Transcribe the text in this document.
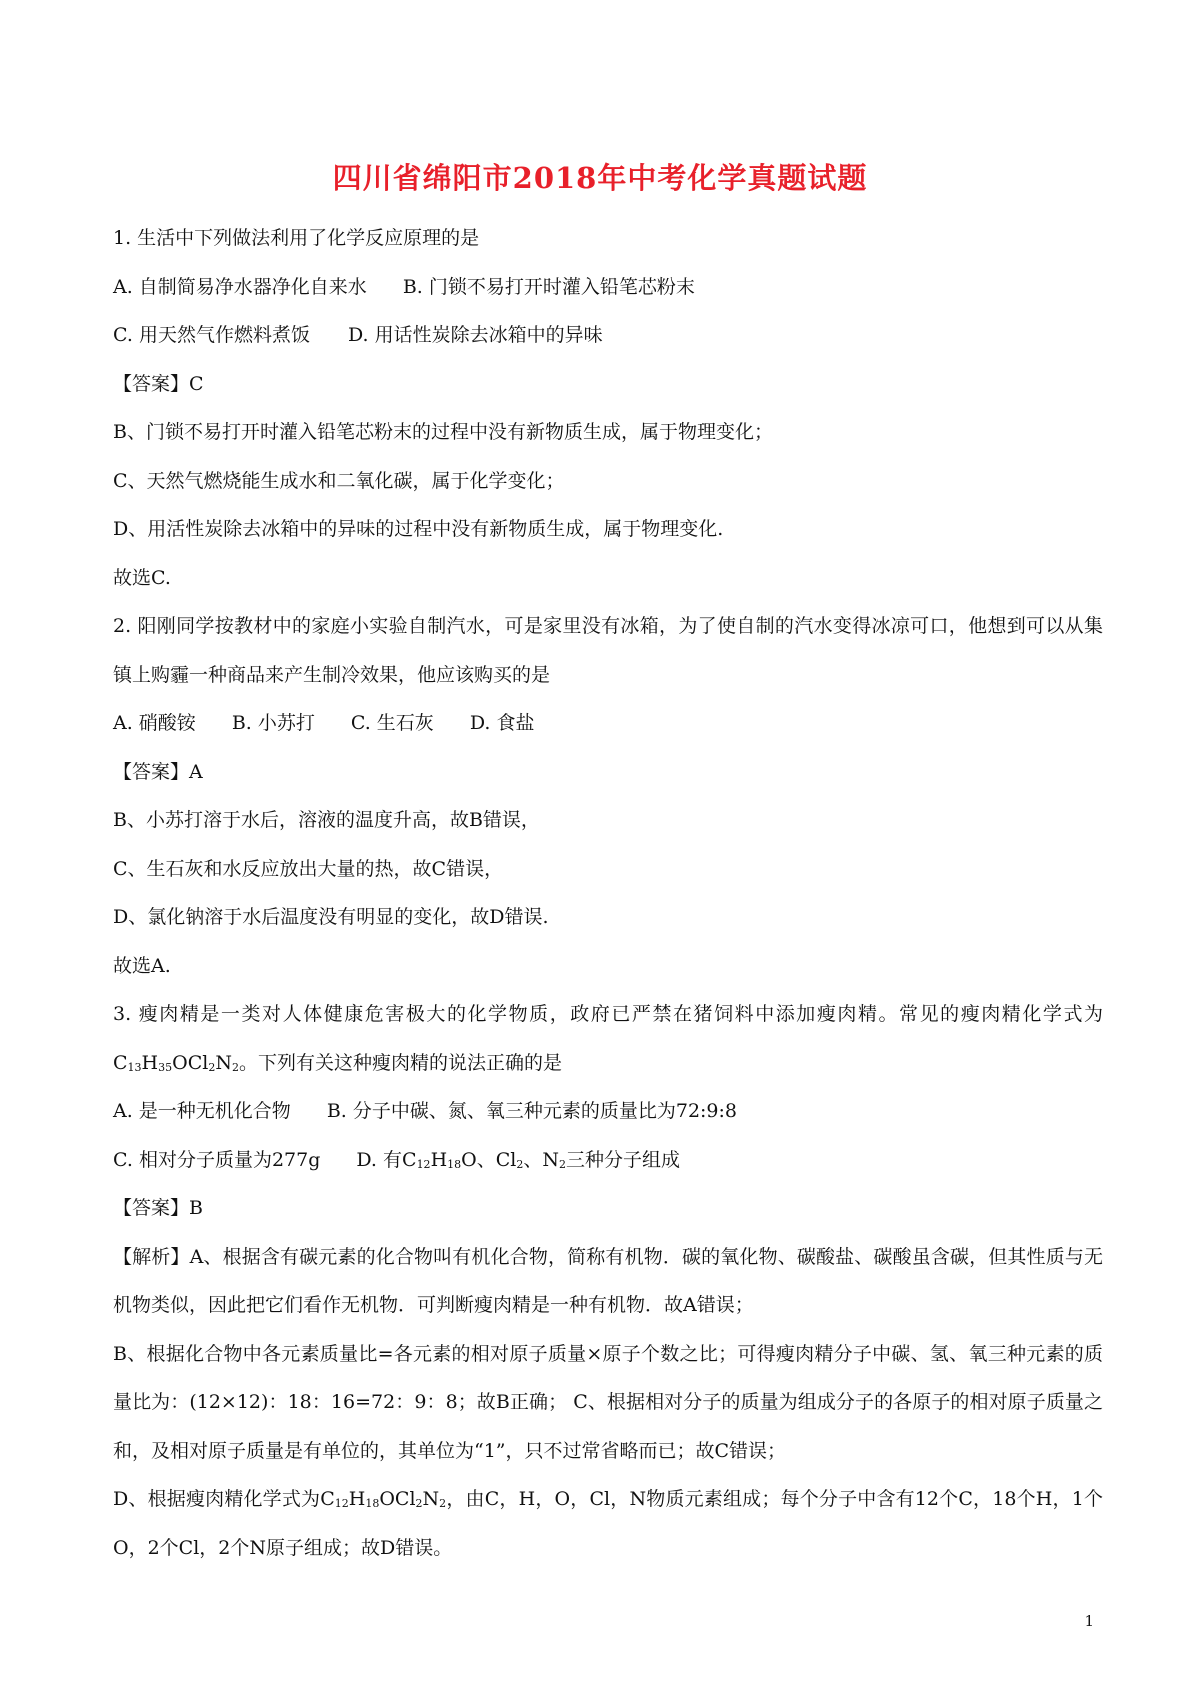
四川省绵阳市2018年中考化学真题试题
1. 生活中下列做法利用了化学反应原理的是
A. 自制简易净水器净化自来水 B. 门锁不易打开时灌入铅笔芯粉末
C. 用天然气作燃料煮饭 D. 用话性炭除去冰箱中的异味
【答案】C
B、门锁不易打开时灌入铅笔芯粉末的过程中没有新物质生成，属于物理变化；
C、天然气燃烧能生成水和二氧化碳，属于化学变化；
D、用活性炭除去冰箱中的异味的过程中没有新物质生成，属于物理变化.
故选C.
2. 阳刚同学按教材中的家庭小实验自制汽水，可是家里没有冰箱，为了使自制的汽水变得冰凉可口，他想到可以从集镇上购霾一种商品来产生制冷效果，他应该购买的是
A. 硝酸铵 B. 小苏打 C. 生石灰 D. 食盐
【答案】A
B、小苏打溶于水后，溶液的温度升高，故B错误，
C、生石灰和水反应放出大量的热，故C错误，
D、氯化钠溶于水后温度没有明显的变化，故D错误.
故选A.
3. 瘦肉精是一类对人体健康危害极大的化学物质，政府已严禁在猪饲料中添加瘦肉精。常见的瘦肉精化学式为$C_{13}H_{35}OCl_2N_2$。下列有关这种瘦肉精的说法正确的是
A. 是一种无机化合物 B. 分子中碳、氮、氧三种元素的质量比为72:9:8
C. 相对分子质量为277g D. 有$C_{12}H_{18}O$、$Cl_2$、$N_2$三种分子组成
【答案】B
【解析】A、根据含有碳元素的化合物叫有机化合物，简称有机物．碳的氧化物、碳酸盐、碳酸虽含碳，但其性质与无机物类似，因此把它们看作无机物．可判断瘦肉精是一种有机物．故A错误；
B、根据化合物中各元素质量比=各元素的相对原子质量×原子个数之比；可得瘦肉精分子中碳、氢、氧三种元素的质量比为：(12×12)：18：16=72：9：8；故B正确； C、根据相对分子的质量为组成分子的各原子的相对原子质量之和，及相对原子质量是有单位的，其单位为“1”，只不过常省略而已；故C错误；
D、根据瘦肉精化学式为$C_{12}H_{18}OCl_2N_2$，由C，H，O，Cl，N物质元素组成；每个分子中含有12个C，18个H，1个O，2个Cl，2个N原子组成；故D错误。
1
